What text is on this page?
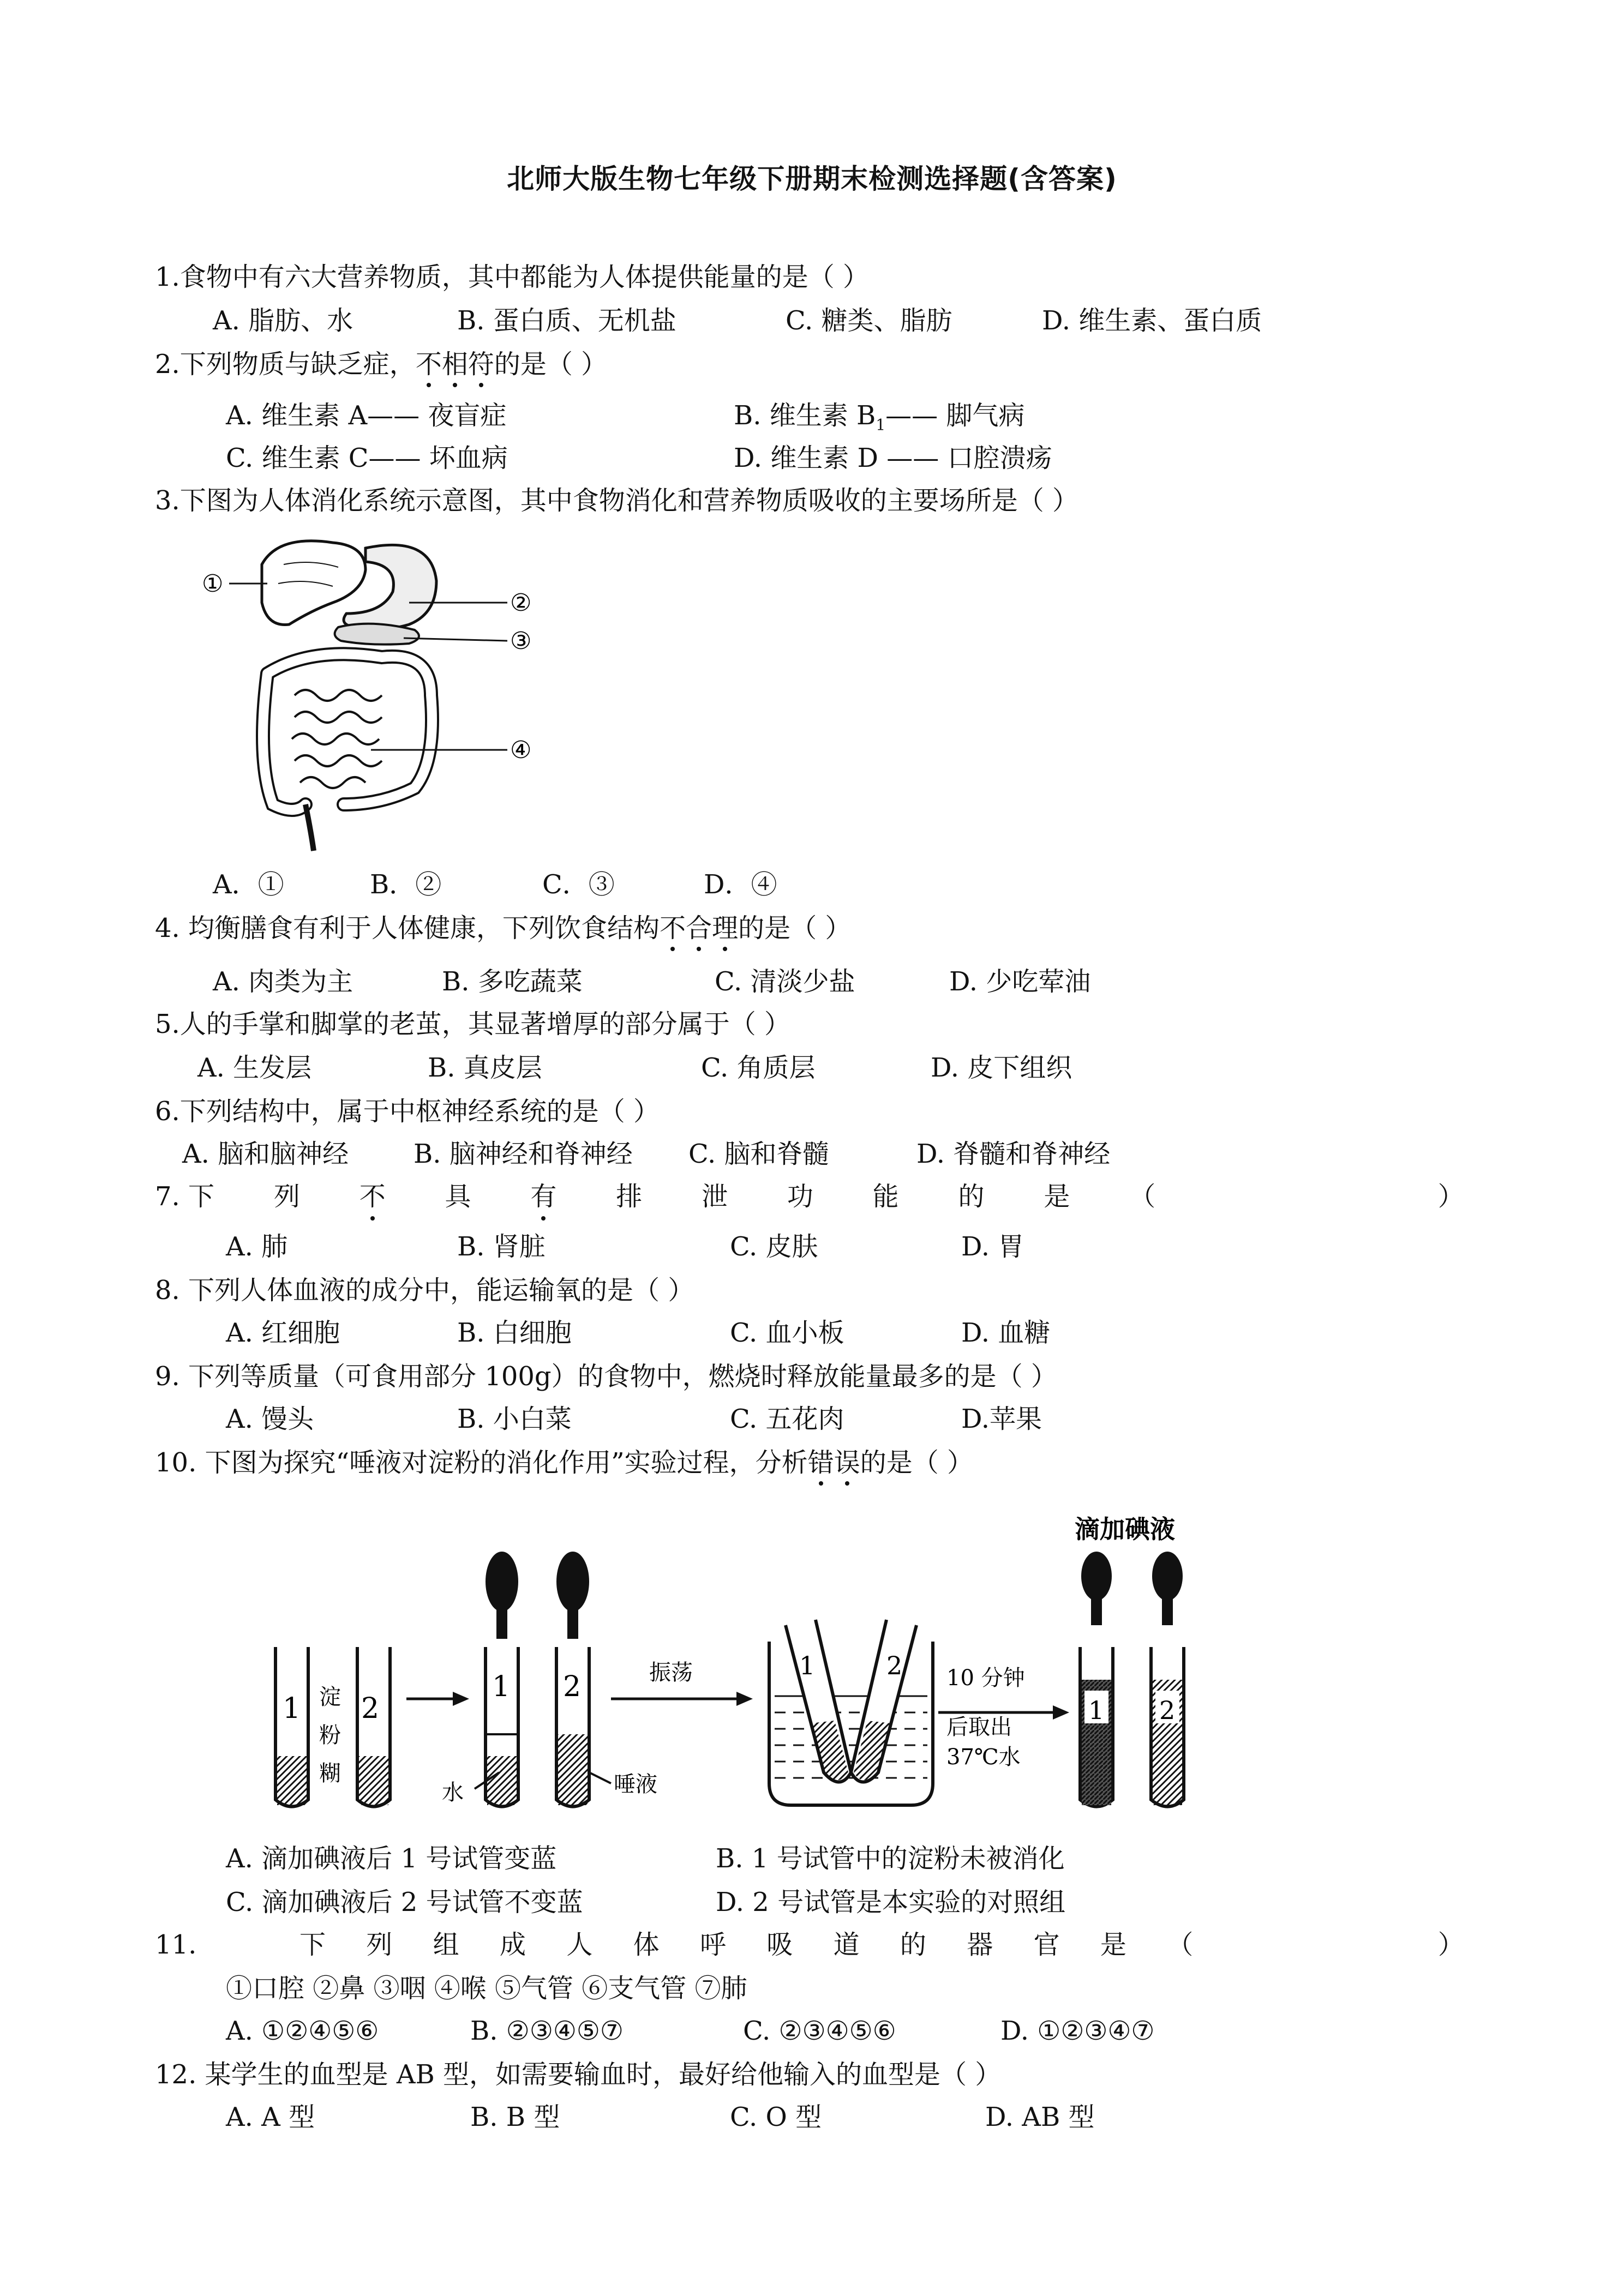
北师大版生物七年级下册期末检测选择题(含答案)
1.食物中有六大营养物质，其中都能为人体提供能量的是（ ）
A. 脂肪、水	B. 蛋白质、无机盐	C. 糖类、脂肪	D. 维生素、蛋白质
2.下列物质与缺乏症，不相符的是（ ）
A. 维生素 A—— 夜盲症	B. 维生素 $B_1——$ 脚气病
C. 维生素 C—— 坏血病	D. 维生素 D —— 口腔溃疡
3.下图为人体消化系统示意图，其中食物消化和营养物质吸收的主要场所是（ ）
①
②
③
④
A．①	B．②	C．③	D．④
4. 均衡膳食有利于人体健康，下列饮食结构不合理的是（ ）
A. 肉类为主	B. 多吃蔬菜	C. 清淡少盐	D. 少吃荤油
5.人的手掌和脚掌的老茧，其显著增厚的部分属于（ ）
A. 生发层	B. 真皮层	C. 角质层	D. 皮下组织
6.下列结构中，属于中枢神经系统的是（ ）
A. 脑和脑神经 B. 脑神经和脊神经 C. 脑和脊髓	D. 脊髓和脊神经
7. 下 列 不 具 有 排 泄 功 能 的 是 （	）
A. 肺	B. 肾脏	C. 皮肤	D. 胃
8. 下列人体血液的成分中，能运输氧的是（ ）
A. 红细胞	B. 白细胞	C. 血小板	D. 血糖
9. 下列等质量（可食用部分 100g）的食物中，燃烧时释放能量最多的是（ ）
A. 馒头	B. 小白菜	C. 五花肉	D.苹果
10. 下图为探究“唾液对淀粉的消化作用”实验过程，分析错误的是（ ）
1 2
淀
粉
糊
1 2
水	唾液
振荡	1	2 10 分钟
后取出
37℃水
滴加碘液
1 2
A. 滴加碘液后 1 号试管变蓝	B. 1 号试管中的淀粉未被消化
C. 滴加碘液后 2 号试管不变蓝	D. 2 号试管是本实验的对照组
11.	下 列 组 成 人 体 呼 吸 道 的 器 官 是 （	）
①口腔 ②鼻 ③咽 ④喉 ⑤气管 ⑥支气管 ⑦肺
A. ①②④⑤⑥	B. ②③④⑤⑦	C. ②③④⑤⑥	D. ①②③④⑦
12. 某学生的血型是 AB 型，如需要输血时，最好给他输入的血型是（ ）
A. A 型	B. B 型	C. O 型	D. AB 型
